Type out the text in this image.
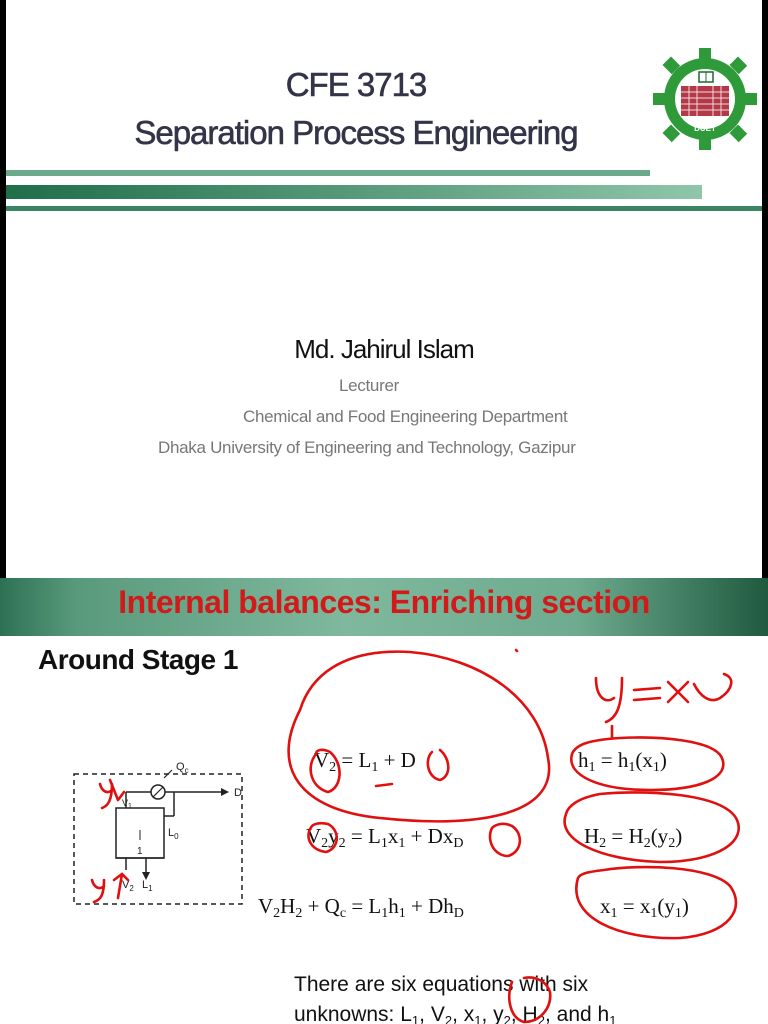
CFE 3713
Separation Process Engineering	DUET
Md. Jahirul Islam
Lecturer
Chemical and Food Engineering Department
Dhaka University of Engineering and Technology, Gazipur
Internal balances: Enriching section
Around Stage 1
$Q_c$
D
$L_0$
$V_1$
1
$V_2$ $L_1$
$V_2 = L_1 + D$
$V_2y_2 = L_1x_1 + Dx_D$
$V_2H_2 + Q_c = L_1h_1 + Dh_D$
$h_1 = h_1(x_1)$
$H_2 = H_2(y_2)$
$x_1 = x_1(y_1)$
There are six equations with six
unknowns: $L_1$, $V_2$, $x_1$, $y_2$, $H_2$, and $h_1$
